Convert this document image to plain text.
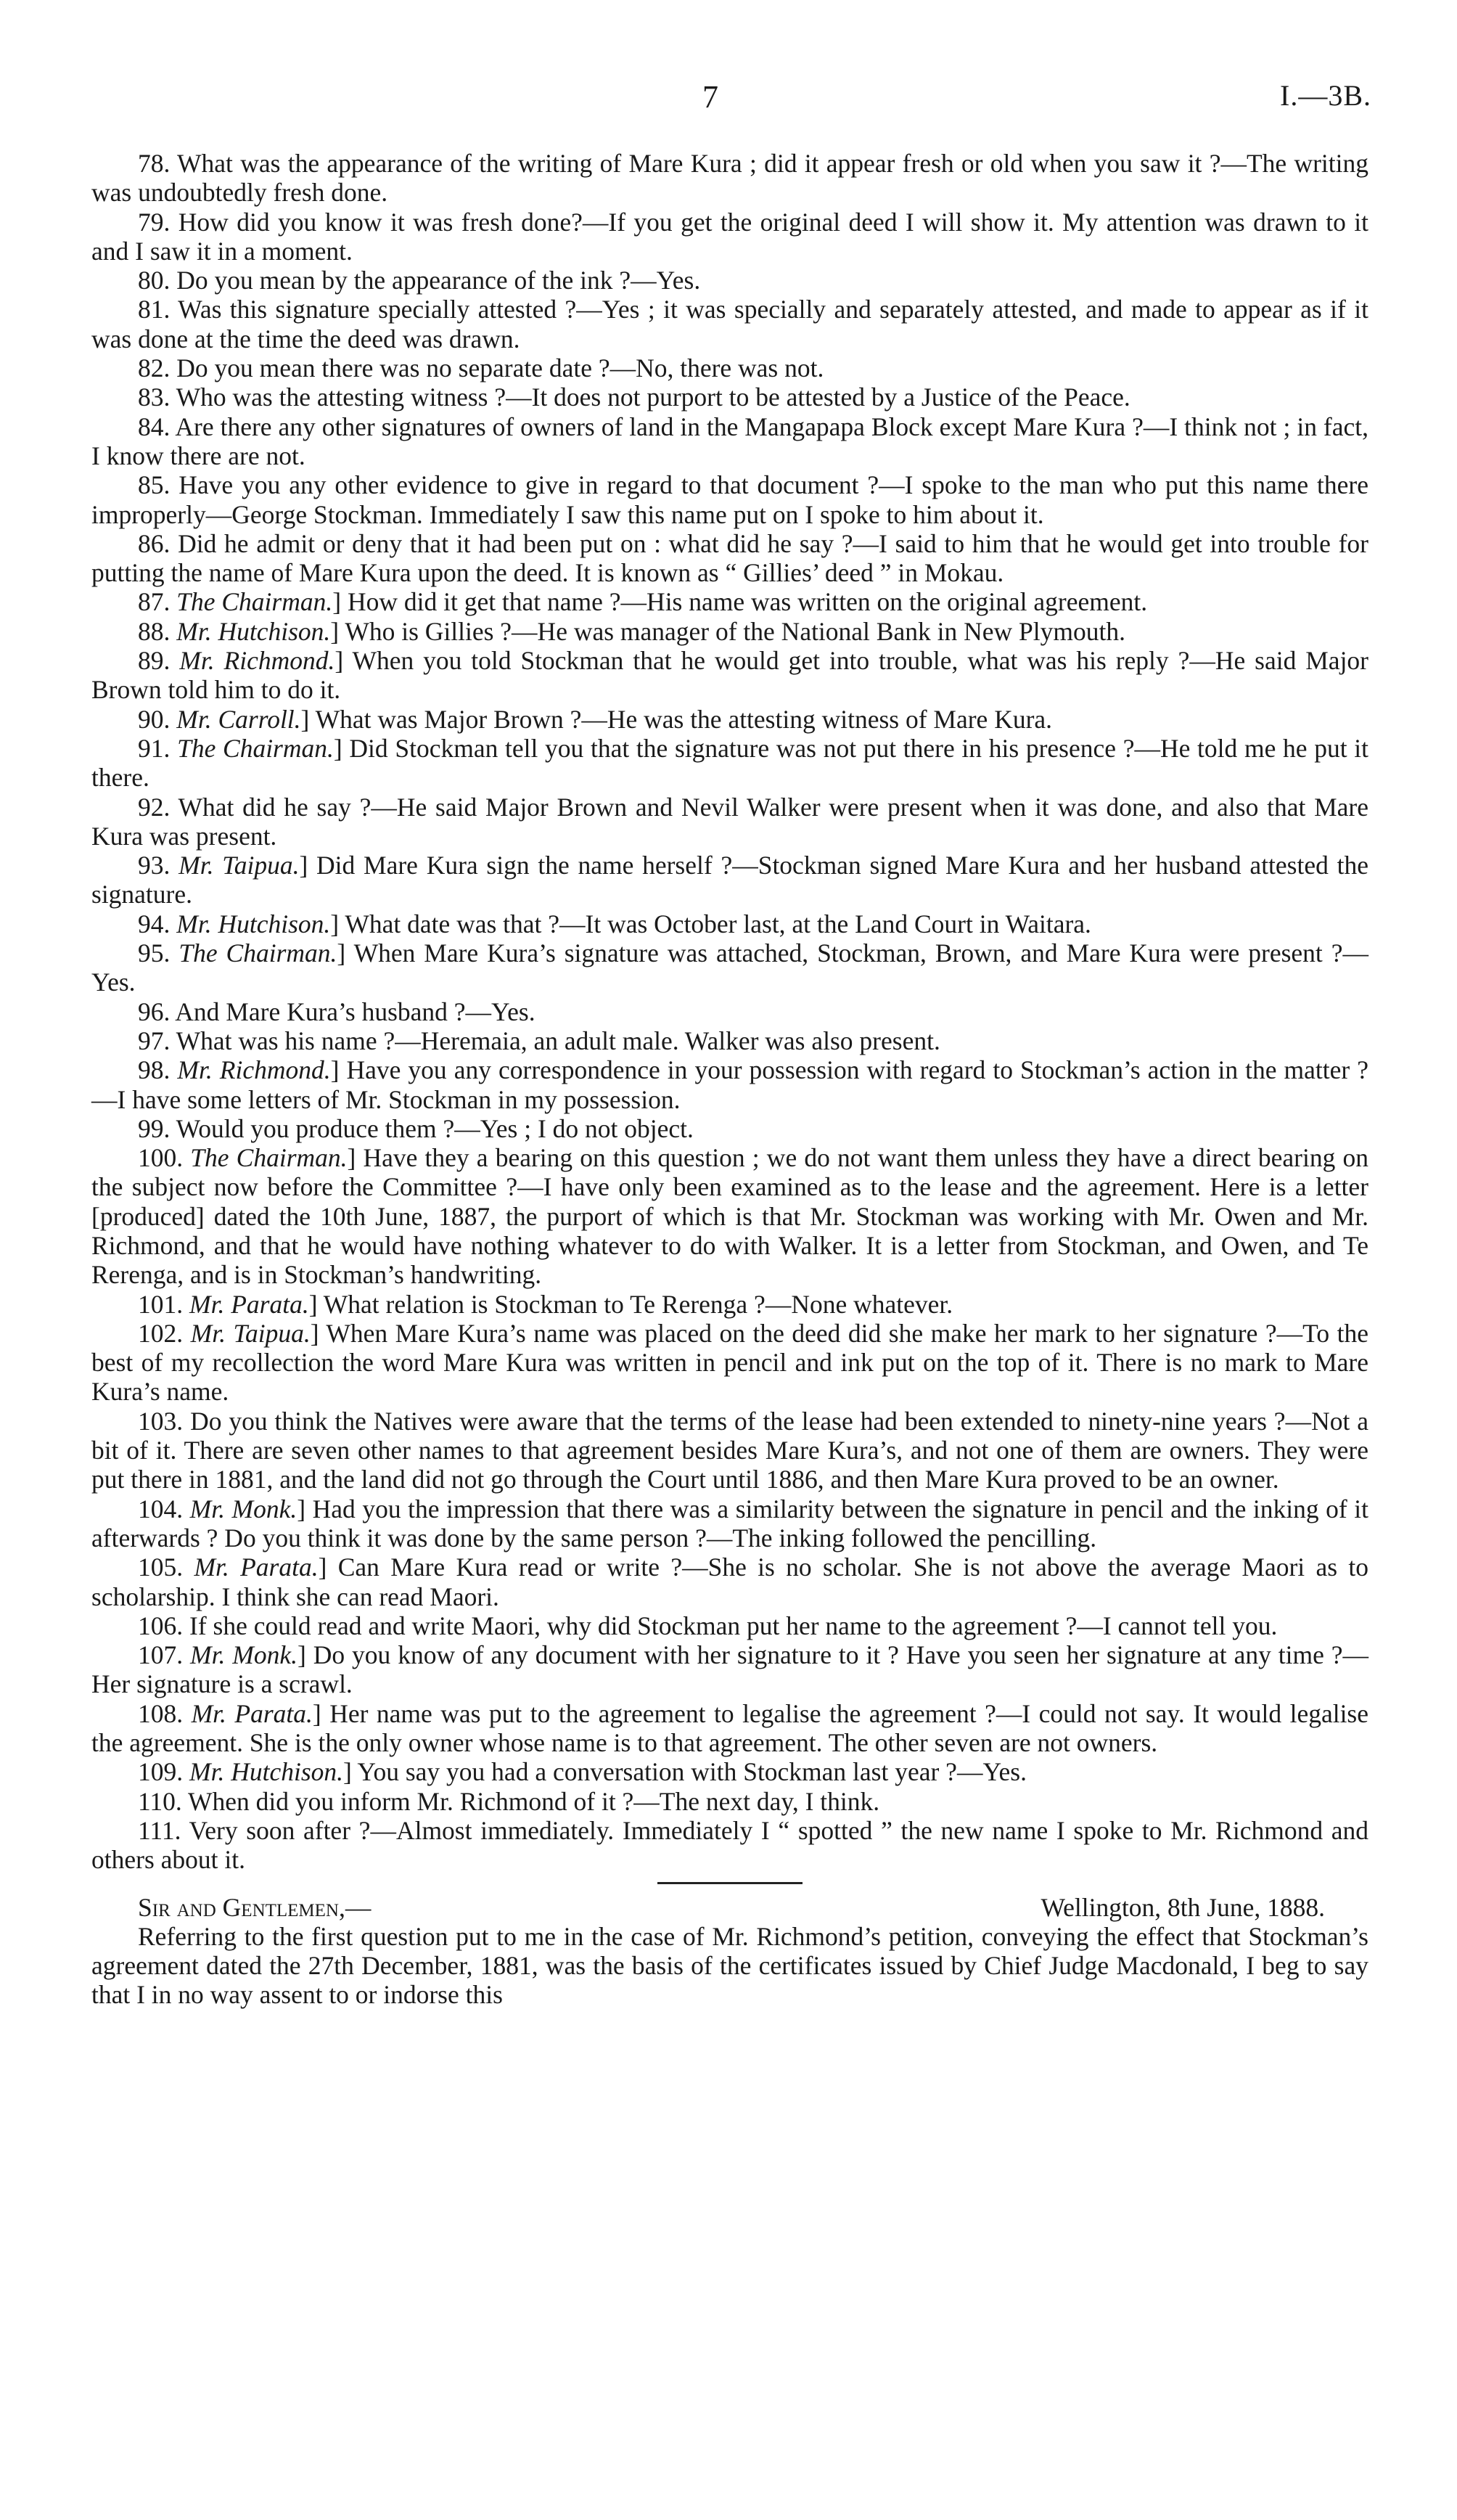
7	I.—3B.

78. What was the appearance of the writing of Mare Kura ; did it appear fresh or old when you saw it ?—The writing was undoubtedly fresh done.

79. How did you know it was fresh done?—If you get the original deed I will show it. My attention was drawn to it and I saw it in a moment.

80. Do you mean by the appearance of the ink ?—Yes.

81. Was this signature specially attested ?—Yes ; it was specially and separately attested, and made to appear as if it was done at the time the deed was drawn.

82. Do you mean there was no separate date ?—No, there was not.

83. Who was the attesting witness ?—It does not purport to be attested by a Justice of the Peace.

84. Are there any other signatures of owners of land in the Mangapapa Block except Mare Kura ?—I think not ; in fact, I know there are not.

85. Have you any other evidence to give in regard to that document ?—I spoke to the man who put this name there improperly—George Stockman. Immediately I saw this name put on I spoke to him about it.

86. Did he admit or deny that it had been put on : what did he say ?—I said to him that he would get into trouble for putting the name of Mare Kura upon the deed. It is known as “ Gillies’ deed ” in Mokau.

87. The Chairman.] How did it get that name ?—His name was written on the original agreement.

88. Mr. Hutchison.] Who is Gillies ?—He was manager of the National Bank in New Plymouth.

89. Mr. Richmond.] When you told Stockman that he would get into trouble, what was his reply ?—He said Major Brown told him to do it.

90. Mr. Carroll.] What was Major Brown ?—He was the attesting witness of Mare Kura.

91. The Chairman.] Did Stockman tell you that the signature was not put there in his presence ?—He told me he put it there.

92. What did he say ?—He said Major Brown and Nevil Walker were present when it was done, and also that Mare Kura was present.

93. Mr. Taipua.] Did Mare Kura sign the name herself ?—Stockman signed Mare Kura and her husband attested the signature.

94. Mr. Hutchison.] What date was that ?—It was October last, at the Land Court in Waitara.

95. The Chairman.] When Mare Kura’s signature was attached, Stockman, Brown, and Mare Kura were present ?—Yes.

96. And Mare Kura’s husband ?—Yes.

97. What was his name ?—Heremaia, an adult male. Walker was also present.

98. Mr. Richmond.] Have you any correspondence in your possession with regard to Stockman’s action in the matter ?—I have some letters of Mr. Stockman in my possession.

99. Would you produce them ?—Yes ; I do not object.

100. The Chairman.] Have they a bearing on this question ; we do not want them unless they have a direct bearing on the subject now before the Committee ?—I have only been examined as to the lease and the agreement. Here is a letter [produced] dated the 10th June, 1887, the purport of which is that Mr. Stockman was working with Mr. Owen and Mr. Richmond, and that he would have nothing whatever to do with Walker. It is a letter from Stockman, and Owen, and Te Rerenga, and is in Stockman’s handwriting.

101. Mr. Parata.] What relation is Stockman to Te Rerenga ?—None whatever.

102. Mr. Taipua.] When Mare Kura’s name was placed on the deed did she make her mark to her signature ?—To the best of my recollection the word Mare Kura was written in pencil and ink put on the top of it. There is no mark to Mare Kura’s name.

103. Do you think the Natives were aware that the terms of the lease had been extended to ninety-nine years ?—Not a bit of it. There are seven other names to that agreement besides Mare Kura’s, and not one of them are owners. They were put there in 1881, and the land did not go through the Court until 1886, and then Mare Kura proved to be an owner.

104. Mr. Monk.] Had you the impression that there was a similarity between the signature in pencil and the inking of it afterwards ? Do you think it was done by the same person ?—The inking followed the pencilling.

105. Mr. Parata.] Can Mare Kura read or write ?—She is no scholar. She is not above the average Maori as to scholarship. I think she can read Maori.

106. If she could read and write Maori, why did Stockman put her name to the agreement ?—I cannot tell you.

107. Mr. Monk.] Do you know of any document with her signature to it ? Have you seen her signature at any time ?—Her signature is a scrawl.

108. Mr. Parata.] Her name was put to the agreement to legalise the agreement ?—I could not say. It would legalise the agreement. She is the only owner whose name is to that agreement. The other seven are not owners.

109. Mr. Hutchison.] You say you had a conversation with Stockman last year ?—Yes.

110. When did you inform Mr. Richmond of it ?—The next day, I think.

111. Very soon after ?—Almost immediately. Immediately I “ spotted ” the new name I spoke to Mr. Richmond and others about it.

Sir and Gentlemen,—	Wellington, 8th June, 1888.

Referring to the first question put to me in the case of Mr. Richmond’s petition, conveying the effect that Stockman’s agreement dated the 27th December, 1881, was the basis of the certificates issued by Chief Judge Macdonald, I beg to say that I in no way assent to or indorse this
